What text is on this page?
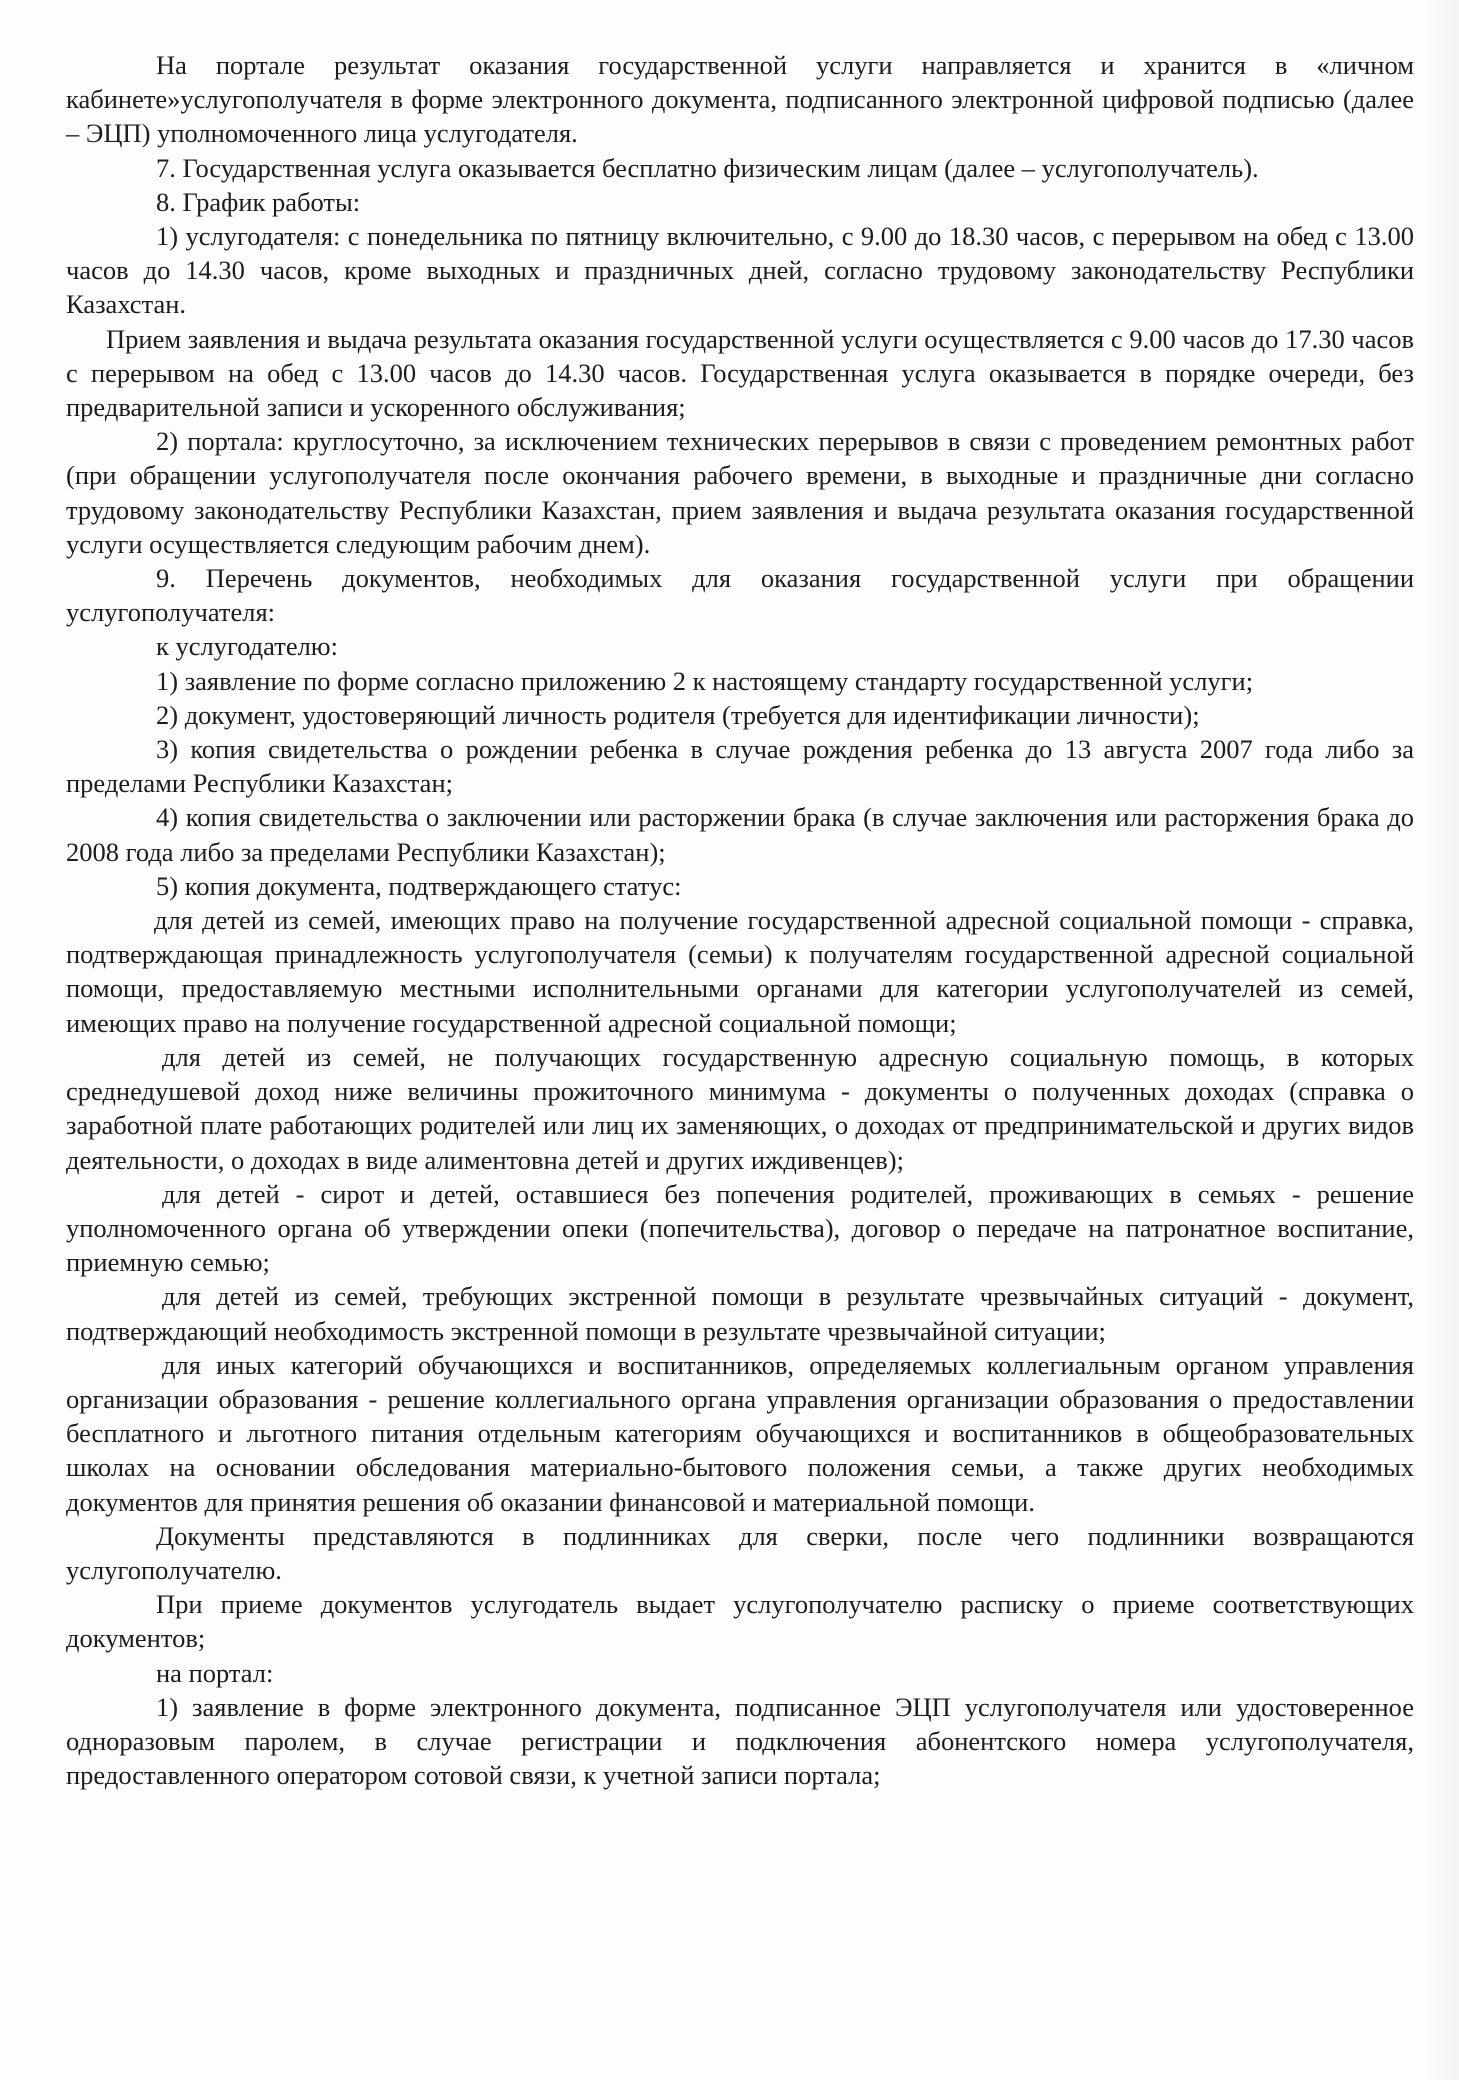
На портале результат оказания государственной услуги направляется и хранится в «личном кабинете»услугополучателя в форме электронного документа, подписанного электронной цифровой подписью (далее – ЭЦП) уполномоченного лица услугодателя.

7. Государственная услуга оказывается бесплатно физическим лицам (далее – услугополучатель).

8. График работы:

1) услугодателя: с понедельника по пятницу включительно, с 9.00 до 18.30 часов, с перерывом на обед с 13.00 часов до 14.30 часов, кроме выходных и праздничных дней, согласно трудовому законодательству Республики Казахстан.

Прием заявления и выдача результата оказания государственной услуги осуществляется с 9.00 часов до 17.30 часов с перерывом на обед с 13.00 часов до 14.30 часов. Государственная услуга оказывается в порядке очереди, без предварительной записи и ускоренного обслуживания;

2) портала: круглосуточно, за исключением технических перерывов в связи с проведением ремонтных работ (при обращении услугополучателя после окончания рабочего времени, в выходные и праздничные дни согласно трудовому законодательству Республики Казахстан, прием заявления и выдача результата оказания государственной услуги осуществляется следующим рабочим днем).

9. Перечень документов, необходимых для оказания государственной услуги при обращении услугополучателя:

к услугодателю:

1) заявление по форме согласно приложению 2 к настоящему стандарту государственной услуги;

2) документ, удостоверяющий личность родителя (требуется для идентификации личности);

3) копия свидетельства о рождении ребенка в случае рождения ребенка до 13 августа 2007 года либо за пределами Республики Казахстан;

4) копия свидетельства о заключении или расторжении брака (в случае заключения или расторжения брака до 2008 года либо за пределами Республики Казахстан);

5) копия документа, подтверждающего статус:

для детей из семей, имеющих право на получение государственной адресной социальной помощи - справка, подтверждающая принадлежность услугополучателя (семьи) к получателям государственной адресной социальной помощи, предоставляемую местными исполнительными органами для категории услугополучателей из семей, имеющих право на получение государственной адресной социальной помощи;

для детей из семей, не получающих государственную адресную социальную помощь, в которых среднедушевой доход ниже величины прожиточного минимума - документы о полученных доходах (справка о заработной плате работающих родителей или лиц их заменяющих, о доходах от предпринимательской и других видов деятельности, о доходах в виде алиментовна детей и других иждивенцев);

для детей - сирот и детей, оставшиеся без попечения родителей, проживающих в семьях - решение уполномоченного органа об утверждении опеки (попечительства), договор о передаче на патронатное воспитание, приемную семью;

для детей из семей, требующих экстренной помощи в результате чрезвычайных ситуаций - документ, подтверждающий необходимость экстренной помощи в результате чрезвычайной ситуации;

для иных категорий обучающихся и воспитанников, определяемых коллегиальным органом управления организации образования - решение коллегиального органа управления организации образования о предоставлении бесплатного и льготного питания отдельным категориям обучающихся и воспитанников в общеобразовательных школах на основании обследования материально-бытового положения семьи, а также других необходимых документов для принятия решения об оказании финансовой и материальной помощи.

Документы представляются в подлинниках для сверки, после чего подлинники возвращаются услугополучателю.

При приеме документов услугодатель выдает услугополучателю расписку о приеме соответствующих документов;

на портал:

1) заявление в форме электронного документа, подписанное ЭЦП услугополучателя или удостоверенное одноразовым паролем, в случае регистрации и подключения абонентского номера услугополучателя, предоставленного оператором сотовой связи, к учетной записи портала;
